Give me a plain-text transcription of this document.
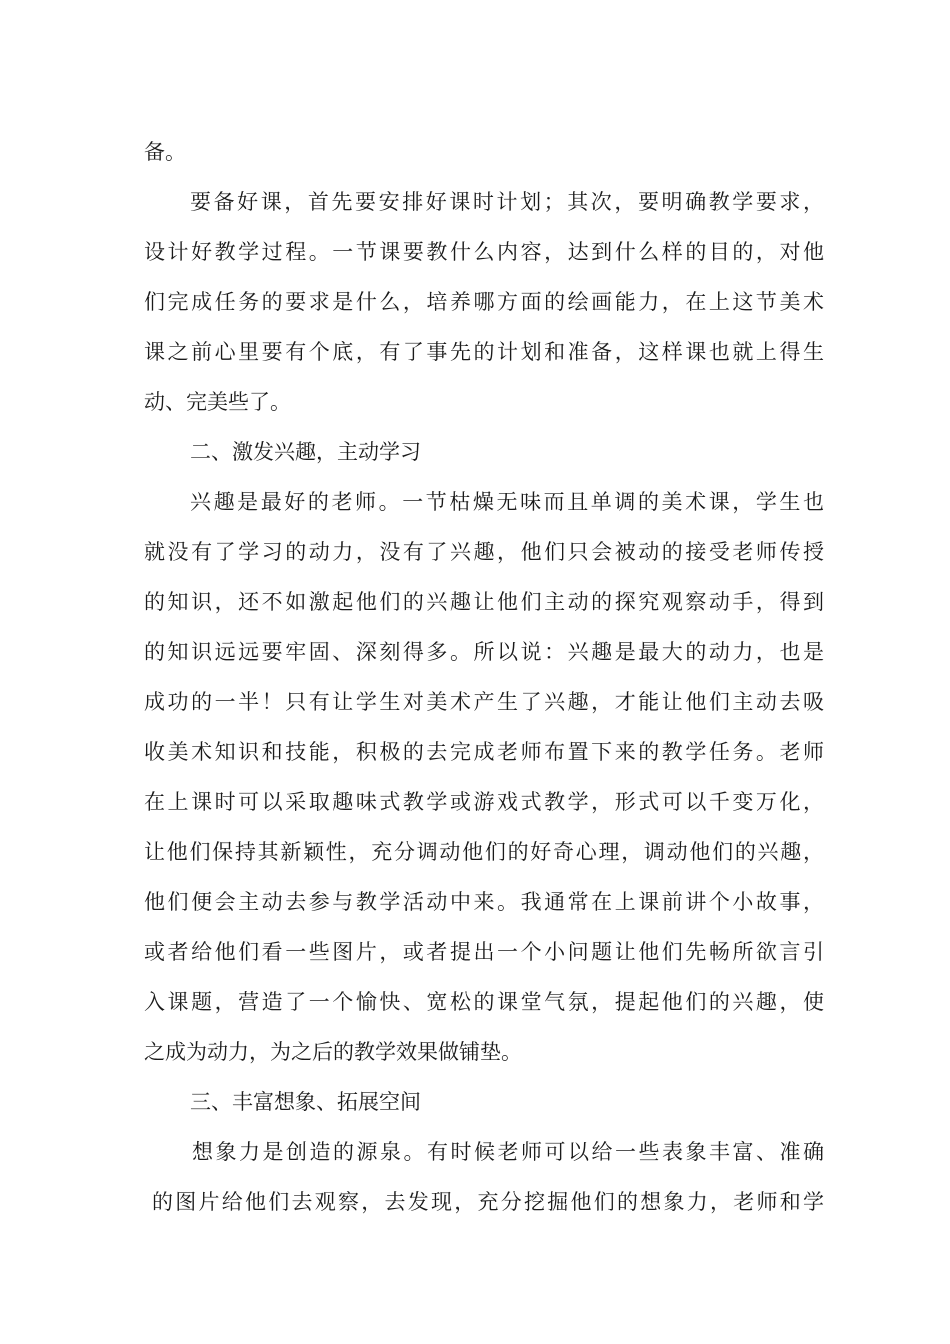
备。
要备好课，首先要安排好课时计划；其次，要明确教学要求，
设计好教学过程。一节课要教什么内容，达到什么样的目的，对他
们完成任务的要求是什么，培养哪方面的绘画能力，在上这节美术
课之前心里要有个底，有了事先的计划和准备，这样课也就上得生
动、完美些了。
二、激发兴趣，主动学习
兴趣是最好的老师。一节枯燥无味而且单调的美术课，学生也
就没有了学习的动力，没有了兴趣，他们只会被动的接受老师传授
的知识，还不如激起他们的兴趣让他们主动的探究观察动手，得到
的知识远远要牢固、深刻得多。所以说：兴趣是最大的动力，也是
成功的一半！只有让学生对美术产生了兴趣，才能让他们主动去吸
收美术知识和技能，积极的去完成老师布置下来的教学任务。老师
在上课时可以采取趣味式教学或游戏式教学，形式可以千变万化，
让他们保持其新颖性，充分调动他们的好奇心理，调动他们的兴趣，
他们便会主动去参与教学活动中来。我通常在上课前讲个小故事，
或者给他们看一些图片，或者提出一个小问题让他们先畅所欲言引
入课题，营造了一个愉快、宽松的课堂气氛，提起他们的兴趣，使
之成为动力，为之后的教学效果做铺垫。
三、丰富想象、拓展空间
想象力是创造的源泉。有时候老师可以给一些表象丰富、准确
的图片给他们去观察，去发现，充分挖掘他们的想象力，老师和学
